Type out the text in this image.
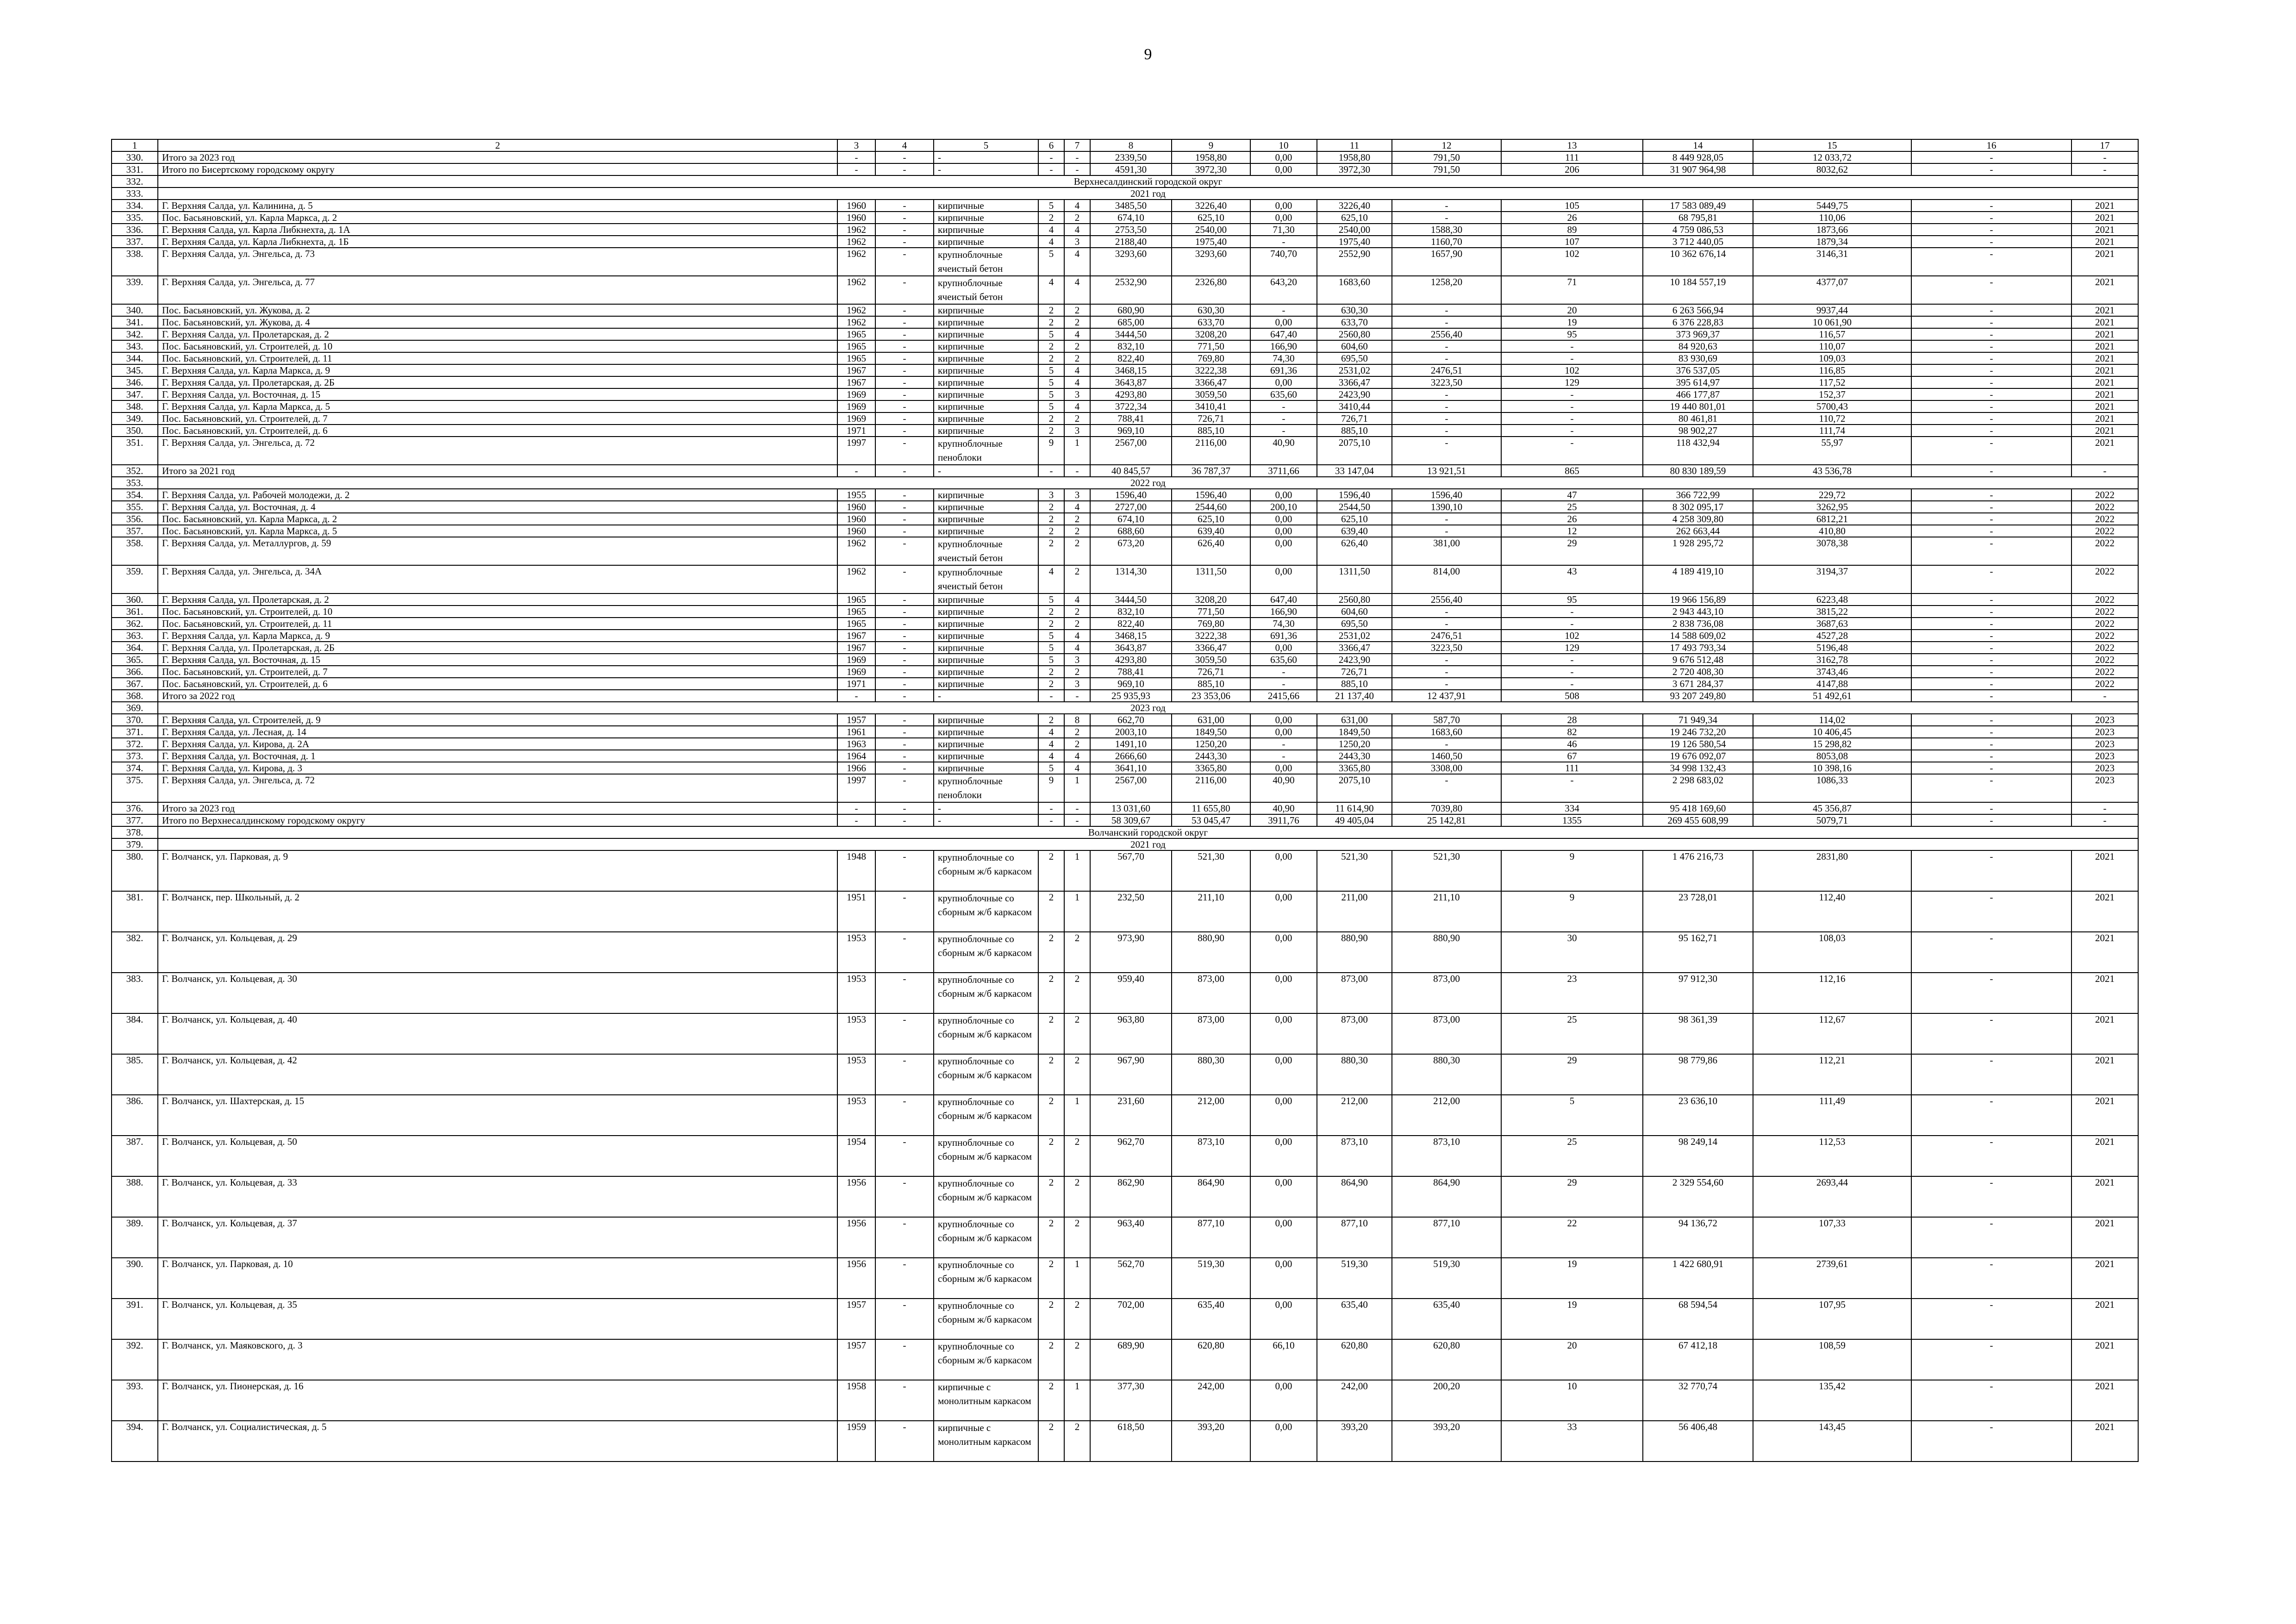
9
1	2	3	4	5	6	7	8	9	10	11	12	13	14	15	16	17
330.	Итого за 2023 год	-	-	-	-	-	2339,50	1958,80	0,00	1958,80	791,50	111	8 449 928,05	12 033,72	-	-
331.	Итого по Бисертскому городскому округу	-	-	-	-	-	4591,30	3972,30	0,00	3972,30	791,50	206	31 907 964,98	8032,62	-	-
332.	Верхнесалдинский городской округ															
333.	2021 год															
334.	Г. Верхняя Салда, ул. Калинина, д. 5	1960	-	кирпичные	5	4	3485,50	3226,40	0,00	3226,40	-	105	17 583 089,49	5449,75	-	2021
335.	Пос. Басьяновский, ул. Карла Маркса, д. 2	1960	-	кирпичные	2	2	674,10	625,10	0,00	625,10	-	26	68 795,81	110,06	-	2021
336.	Г. Верхняя Салда, ул. Карла Либкнехта, д. 1А	1962	-	кирпичные	4	4	2753,50	2540,00	71,30	2540,00	1588,30	89	4 759 086,53	1873,66	-	2021
337.	Г. Верхняя Салда, ул. Карла Либкнехта, д. 1Б	1962	-	кирпичные	4	3	2188,40	1975,40	-	1975,40	1160,70	107	3 712 440,05	1879,34	-	2021
338.	Г. Верхняя Салда, ул. Энгельса, д. 73	1962	-	крупноблочные ячеистый бетон	5	4	3293,60	3293,60	740,70	2552,90	1657,90	102	10 362 676,14	3146,31	-	2021
339.	Г. Верхняя Салда, ул. Энгельса, д. 77	1962	-	крупноблочные ячеистый бетон	4	4	2532,90	2326,80	643,20	1683,60	1258,20	71	10 184 557,19	4377,07	-	2021
340.	Пос. Басьяновский, ул. Жукова, д. 2	1962	-	кирпичные	2	2	680,90	630,30	-	630,30	-	20	6 263 566,94	9937,44	-	2021
341.	Пос. Басьяновский, ул. Жукова, д. 4	1962	-	кирпичные	2	2	685,00	633,70	0,00	633,70	-	19	6 376 228,83	10 061,90	-	2021
342.	Г. Верхняя Салда, ул. Пролетарская, д. 2	1965	-	кирпичные	5	4	3444,50	3208,20	647,40	2560,80	2556,40	95	373 969,37	116,57	-	2021
343.	Пос. Басьяновский, ул. Строителей, д. 10	1965	-	кирпичные	2	2	832,10	771,50	166,90	604,60	-	-	84 920,63	110,07	-	2021
344.	Пос. Басьяновский, ул. Строителей, д. 11	1965	-	кирпичные	2	2	822,40	769,80	74,30	695,50	-	-	83 930,69	109,03	-	2021
345.	Г. Верхняя Салда, ул. Карла Маркса, д. 9	1967	-	кирпичные	5	4	3468,15	3222,38	691,36	2531,02	2476,51	102	376 537,05	116,85	-	2021
346.	Г. Верхняя Салда, ул. Пролетарская, д. 2Б	1967	-	кирпичные	5	4	3643,87	3366,47	0,00	3366,47	3223,50	129	395 614,97	117,52	-	2021
347.	Г. Верхняя Салда, ул. Восточная, д. 15	1969	-	кирпичные	5	3	4293,80	3059,50	635,60	2423,90	-	-	466 177,87	152,37	-	2021
348.	Г. Верхняя Салда, ул. Карла Маркса, д. 5	1969	-	кирпичные	5	4	3722,34	3410,41	-	3410,44	-	-	19 440 801,01	5700,43	-	2021
349.	Пос. Басьяновский, ул. Строителей, д. 7	1969	-	кирпичные	2	2	788,41	726,71	-	726,71	-	-	80 461,81	110,72	-	2021
350.	Пос. Басьяновский, ул. Строителей, д. 6	1971	-	кирпичные	2	3	969,10	885,10	-	885,10	-	-	98 902,27	111,74	-	2021
351.	Г. Верхняя Салда, ул. Энгельса, д. 72	1997	-	крупноблочные пеноблоки	9	1	2567,00	2116,00	40,90	2075,10	-	-	118 432,94	55,97	-	2021
352.	Итого за 2021 год	-	-	-	-	-	40 845,57	36 787,37	3711,66	33 147,04	13 921,51	865	80 830 189,59	43 536,78	-	-
353.	2022 год															
354.	Г. Верхняя Салда, ул. Рабочей молодежи, д. 2	1955	-	кирпичные	3	3	1596,40	1596,40	0,00	1596,40	1596,40	47	366 722,99	229,72	-	2022
355.	Г. Верхняя Салда, ул. Восточная, д. 4	1960	-	кирпичные	2	4	2727,00	2544,60	200,10	2544,50	1390,10	25	8 302 095,17	3262,95	-	2022
356.	Пос. Басьяновский, ул. Карла Маркса, д. 2	1960	-	кирпичные	2	2	674,10	625,10	0,00	625,10	-	26	4 258 309,80	6812,21	-	2022
357.	Пос. Басьяновский, ул. Карла Маркса, д. 5	1960	-	кирпичные	2	2	688,60	639,40	0,00	639,40	-	12	262 663,44	410,80	-	2022
358.	Г. Верхняя Салда, ул. Металлургов, д. 59	1962	-	крупноблочные ячеистый бетон	2	2	673,20	626,40	0,00	626,40	381,00	29	1 928 295,72	3078,38	-	2022
359.	Г. Верхняя Салда, ул. Энгельса, д. 34А	1962	-	крупноблочные ячеистый бетон	4	2	1314,30	1311,50	0,00	1311,50	814,00	43	4 189 419,10	3194,37	-	2022
360.	Г. Верхняя Салда, ул. Пролетарская, д. 2	1965	-	кирпичные	5	4	3444,50	3208,20	647,40	2560,80	2556,40	95	19 966 156,89	6223,48	-	2022
361.	Пос. Басьяновский, ул. Строителей, д. 10	1965	-	кирпичные	2	2	832,10	771,50	166,90	604,60	-	-	2 943 443,10	3815,22	-	2022
362.	Пос. Басьяновский, ул. Строителей, д. 11	1965	-	кирпичные	2	2	822,40	769,80	74,30	695,50	-	-	2 838 736,08	3687,63	-	2022
363.	Г. Верхняя Салда, ул. Карла Маркса, д. 9	1967	-	кирпичные	5	4	3468,15	3222,38	691,36	2531,02	2476,51	102	14 588 609,02	4527,28	-	2022
364.	Г. Верхняя Салда, ул. Пролетарская, д. 2Б	1967	-	кирпичные	5	4	3643,87	3366,47	0,00	3366,47	3223,50	129	17 493 793,34	5196,48	-	2022
365.	Г. Верхняя Салда, ул. Восточная, д. 15	1969	-	кирпичные	5	3	4293,80	3059,50	635,60	2423,90	-	-	9 676 512,48	3162,78	-	2022
366.	Пос. Басьяновский, ул. Строителей, д. 7	1969	-	кирпичные	2	2	788,41	726,71	-	726,71	-	-	2 720 408,30	3743,46	-	2022
367.	Пос. Басьяновский, ул. Строителей, д. 6	1971	-	кирпичные	2	3	969,10	885,10	-	885,10	-	-	3 671 284,37	4147,88	-	2022
368.	Итого за 2022 год	-	-	-	-	-	25 935,93	23 353,06	2415,66	21 137,40	12 437,91	508	93 207 249,80	51 492,61	-	-
369.	2023 год															
370.	Г. Верхняя Салда, ул. Строителей, д. 9	1957	-	кирпичные	2	8	662,70	631,00	0,00	631,00	587,70	28	71 949,34	114,02	-	2023
371.	Г. Верхняя Салда, ул. Лесная, д. 14	1961	-	кирпичные	4	2	2003,10	1849,50	0,00	1849,50	1683,60	82	19 246 732,20	10 406,45	-	2023
372.	Г. Верхняя Салда, ул. Кирова, д. 2А	1963	-	кирпичные	4	2	1491,10	1250,20	-	1250,20	-	46	19 126 580,54	15 298,82	-	2023
373.	Г. Верхняя Салда, ул. Восточная, д. 1	1964	-	кирпичные	4	4	2666,60	2443,30	-	2443,30	1460,50	67	19 676 092,07	8053,08	-	2023
374.	Г. Верхняя Салда, ул. Кирова, д. 3	1966	-	кирпичные	5	4	3641,10	3365,80	0,00	3365,80	3308,00	111	34 998 132,43	10 398,16	-	2023
375.	Г. Верхняя Салда, ул. Энгельса, д. 72	1997	-	крупноблочные пеноблоки	9	1	2567,00	2116,00	40,90	2075,10	-	-	2 298 683,02	1086,33	-	2023
376.	Итого за 2023 год	-	-	-	-	-	13 031,60	11 655,80	40,90	11 614,90	7039,80	334	95 418 169,60	45 356,87	-	-
377.	Итого по Верхнесалдинскому городскому округу	-	-	-	-	-	58 309,67	53 045,47	3911,76	49 405,04	25 142,81	1355	269 455 608,99	5079,71	-	-
378.	Волчанский городской округ															
379.	2021 год															
380.	Г. Волчанск, ул. Парковая, д. 9	1948	-	крупноблочные со сборным ж/б каркасом	2	1	567,70	521,30	0,00	521,30	521,30	9	1 476 216,73	2831,80	-	2021
381.	Г. Волчанск, пер. Школьный, д. 2	1951	-	крупноблочные со сборным ж/б каркасом	2	1	232,50	211,10	0,00	211,00	211,10	9	23 728,01	112,40	-	2021
382.	Г. Волчанск, ул. Кольцевая, д. 29	1953	-	крупноблочные со сборным ж/б каркасом	2	2	973,90	880,90	0,00	880,90	880,90	30	95 162,71	108,03	-	2021
383.	Г. Волчанск, ул. Кольцевая, д. 30	1953	-	крупноблочные со сборным ж/б каркасом	2	2	959,40	873,00	0,00	873,00	873,00	23	97 912,30	112,16	-	2021
384.	Г. Волчанск, ул. Кольцевая, д. 40	1953	-	крупноблочные со сборным ж/б каркасом	2	2	963,80	873,00	0,00	873,00	873,00	25	98 361,39	112,67	-	2021
385.	Г. Волчанск, ул. Кольцевая, д. 42	1953	-	крупноблочные со сборным ж/б каркасом	2	2	967,90	880,30	0,00	880,30	880,30	29	98 779,86	112,21	-	2021
386.	Г. Волчанск, ул. Шахтерская, д. 15	1953	-	крупноблочные со сборным ж/б каркасом	2	1	231,60	212,00	0,00	212,00	212,00	5	23 636,10	111,49	-	2021
387.	Г. Волчанск, ул. Кольцевая, д. 50	1954	-	крупноблочные со сборным ж/б каркасом	2	2	962,70	873,10	0,00	873,10	873,10	25	98 249,14	112,53	-	2021
388.	Г. Волчанск, ул. Кольцевая, д. 33	1956	-	крупноблочные со сборным ж/б каркасом	2	2	862,90	864,90	0,00	864,90	864,90	29	2 329 554,60	2693,44	-	2021
389.	Г. Волчанск, ул. Кольцевая, д. 37	1956	-	крупноблочные со сборным ж/б каркасом	2	2	963,40	877,10	0,00	877,10	877,10	22	94 136,72	107,33	-	2021
390.	Г. Волчанск, ул. Парковая, д. 10	1956	-	крупноблочные со сборным ж/б каркасом	2	1	562,70	519,30	0,00	519,30	519,30	19	1 422 680,91	2739,61	-	2021
391.	Г. Волчанск, ул. Кольцевая, д. 35	1957	-	крупноблочные со сборным ж/б каркасом	2	2	702,00	635,40	0,00	635,40	635,40	19	68 594,54	107,95	-	2021
392.	Г. Волчанск, ул. Маяковского, д. 3	1957	-	крупноблочные со сборным ж/б каркасом	2	2	689,90	620,80	66,10	620,80	620,80	20	67 412,18	108,59	-	2021
393.	Г. Волчанск, ул. Пионерская, д. 16	1958	-	кирпичные с монолитным каркасом	2	1	377,30	242,00	0,00	242,00	200,20	10	32 770,74	135,42	-	2021
394.	Г. Волчанск, ул. Социалистическая, д. 5	1959	-	кирпичные с монолитным каркасом	2	2	618,50	393,20	0,00	393,20	393,20	33	56 406,48	143,45	-	2021
